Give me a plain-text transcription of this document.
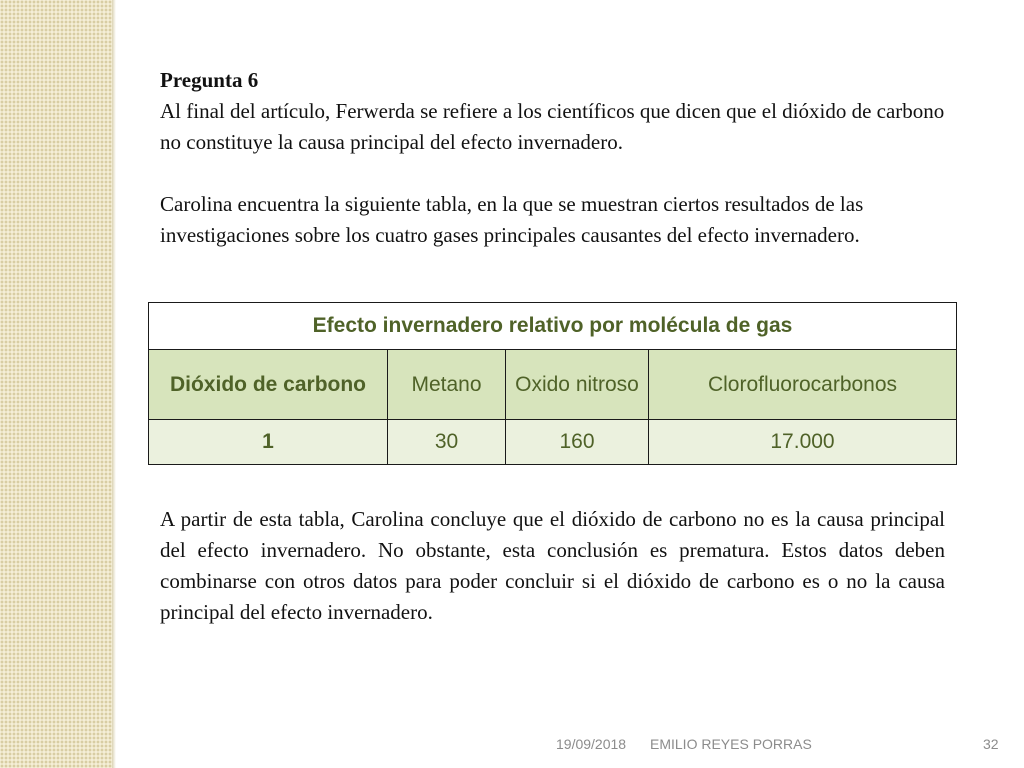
Pregunta 6

Al final del artículo, Ferwerda se refiere a los científicos que dicen que el dióxido de carbono no constituye la causa principal del efecto invernadero.

Carolina encuentra la siguiente tabla, en la que se muestran ciertos resultados de las investigaciones sobre los cuatro gases principales causantes del efecto invernadero.

Efecto invernadero relativo por molécula de gas			
Dióxido de carbono	Metano	Oxido nitroso	Clorofluorocarbonos
1	30	160	17.000

A partir de esta tabla, Carolina concluye que el dióxido de carbono no es la causa principal del efecto invernadero. No obstante, esta conclusión es prematura. Estos datos deben combinarse con otros datos para poder concluir si el dióxido de carbono es o no la causa principal del efecto invernadero.

19/09/2018 EMILIO REYES PORRAS	32
